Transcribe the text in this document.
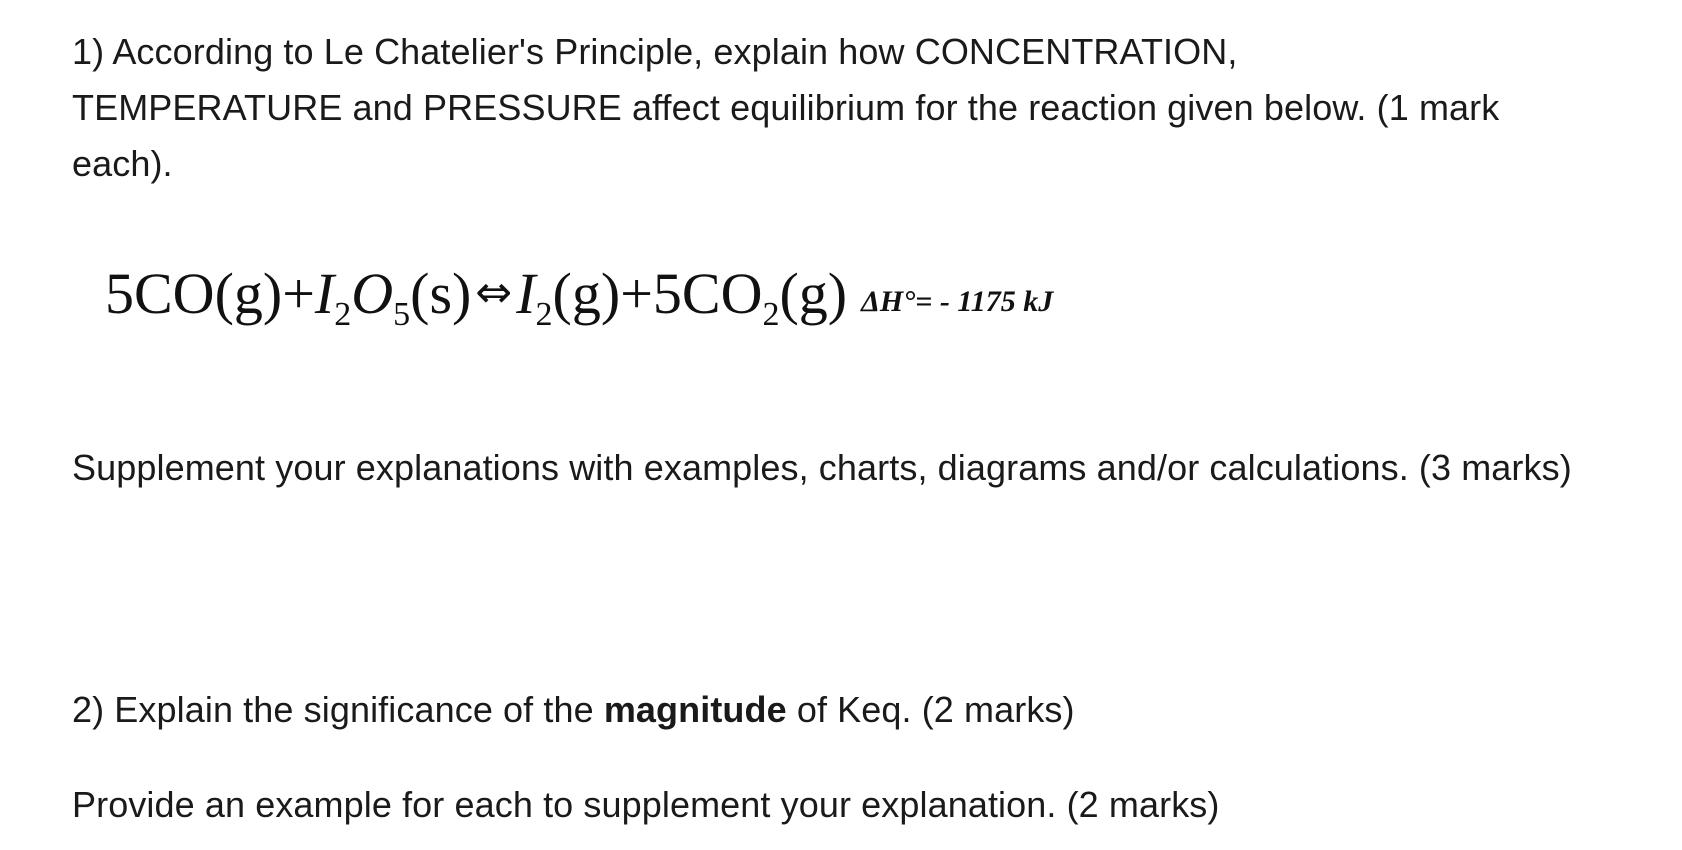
1) According to Le Chatelier's Principle, explain how CONCENTRATION, TEMPERATURE and PRESSURE affect equilibrium for the reaction given below. (1 mark each).
$5CO(g)+I_2O_5(s)\Leftrightarrow I_2(g)+5CO_2(g)$ ΔH°= - 1175 kJ
Supplement your explanations with examples, charts, diagrams and/or calculations. (3 marks)
2) Explain the significance of the magnitude of Keq. (2 marks)
Provide an example for each to supplement your explanation. (2 marks)
